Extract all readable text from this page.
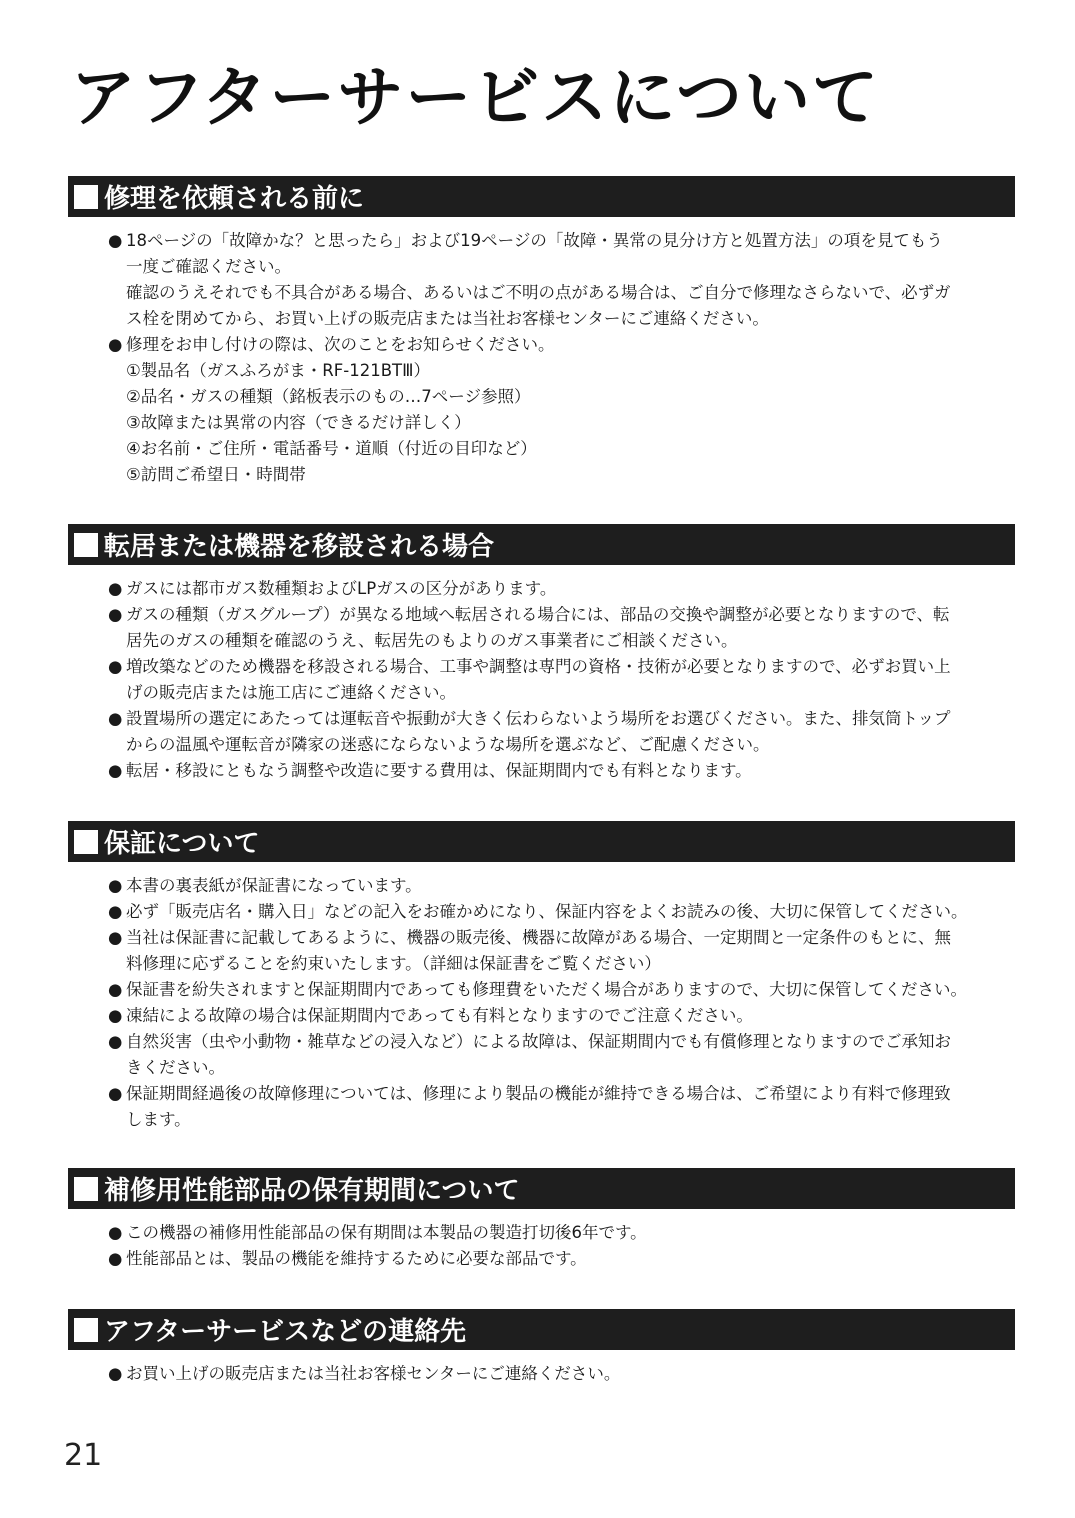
アフターサービスについて
修理を依頼される前に
● 18ページの「故障かな？と思ったら」および19ページの「故障・異常の見分け方と処置方法」の項を見てもう
一度ご確認ください。
確認のうえそれでも不具合がある場合、あるいはご不明の点がある場合は、ご自分で修理なさらないで、必ずガ
ス栓を閉めてから、お買い上げの販売店または当社お客様センターにご連絡ください。
● 修理をお申し付けの際は、次のことをお知らせください。
①製品名（ガスふろがま・RF-121BTⅢ）
②品名・ガスの種類（銘板表示のもの…7ページ参照）
③故障または異常の内容（できるだけ詳しく）
④お名前・ご住所・電話番号・道順（付近の目印など）
⑤訪問ご希望日・時間帯
転居または機器を移設される場合
● ガスには都市ガス数種類およびLPガスの区分があります。
● ガスの種類（ガスグループ）が異なる地域へ転居される場合には、部品の交換や調整が必要となりますので、転
居先のガスの種類を確認のうえ、転居先のもよりのガス事業者にご相談ください。
● 増改築などのため機器を移設される場合、工事や調整は専門の資格・技術が必要となりますので、必ずお買い上
げの販売店または施工店にご連絡ください。
● 設置場所の選定にあたっては運転音や振動が大きく伝わらないよう場所をお選びください。また、排気筒トップ
からの温風や運転音が隣家の迷惑にならないような場所を選ぶなど、ご配慮ください。
● 転居・移設にともなう調整や改造に要する費用は、保証期間内でも有料となります。
保証について
● 本書の裏表紙が保証書になっています。
● 必ず「販売店名・購入日」などの記入をお確かめになり、保証内容をよくお読みの後、大切に保管してください。
● 当社は保証書に記載してあるように、機器の販売後、機器に故障がある場合、一定期間と一定条件のもとに、無
料修理に応ずることを約束いたします。（詳細は保証書をご覧ください）
● 保証書を紛失されますと保証期間内であっても修理費をいただく場合がありますので、大切に保管してください。
● 凍結による故障の場合は保証期間内であっても有料となりますのでご注意ください。
● 自然災害（虫や小動物・雑草などの浸入など）による故障は、保証期間内でも有償修理となりますのでご承知お
きください。
● 保証期間経過後の故障修理については、修理により製品の機能が維持できる場合は、ご希望により有料で修理致
します。
補修用性能部品の保有期間について
● この機器の補修用性能部品の保有期間は本製品の製造打切後6年です。
● 性能部品とは、製品の機能を維持するために必要な部品です。
アフターサービスなどの連絡先
● お買い上げの販売店または当社お客様センターにご連絡ください。
21
